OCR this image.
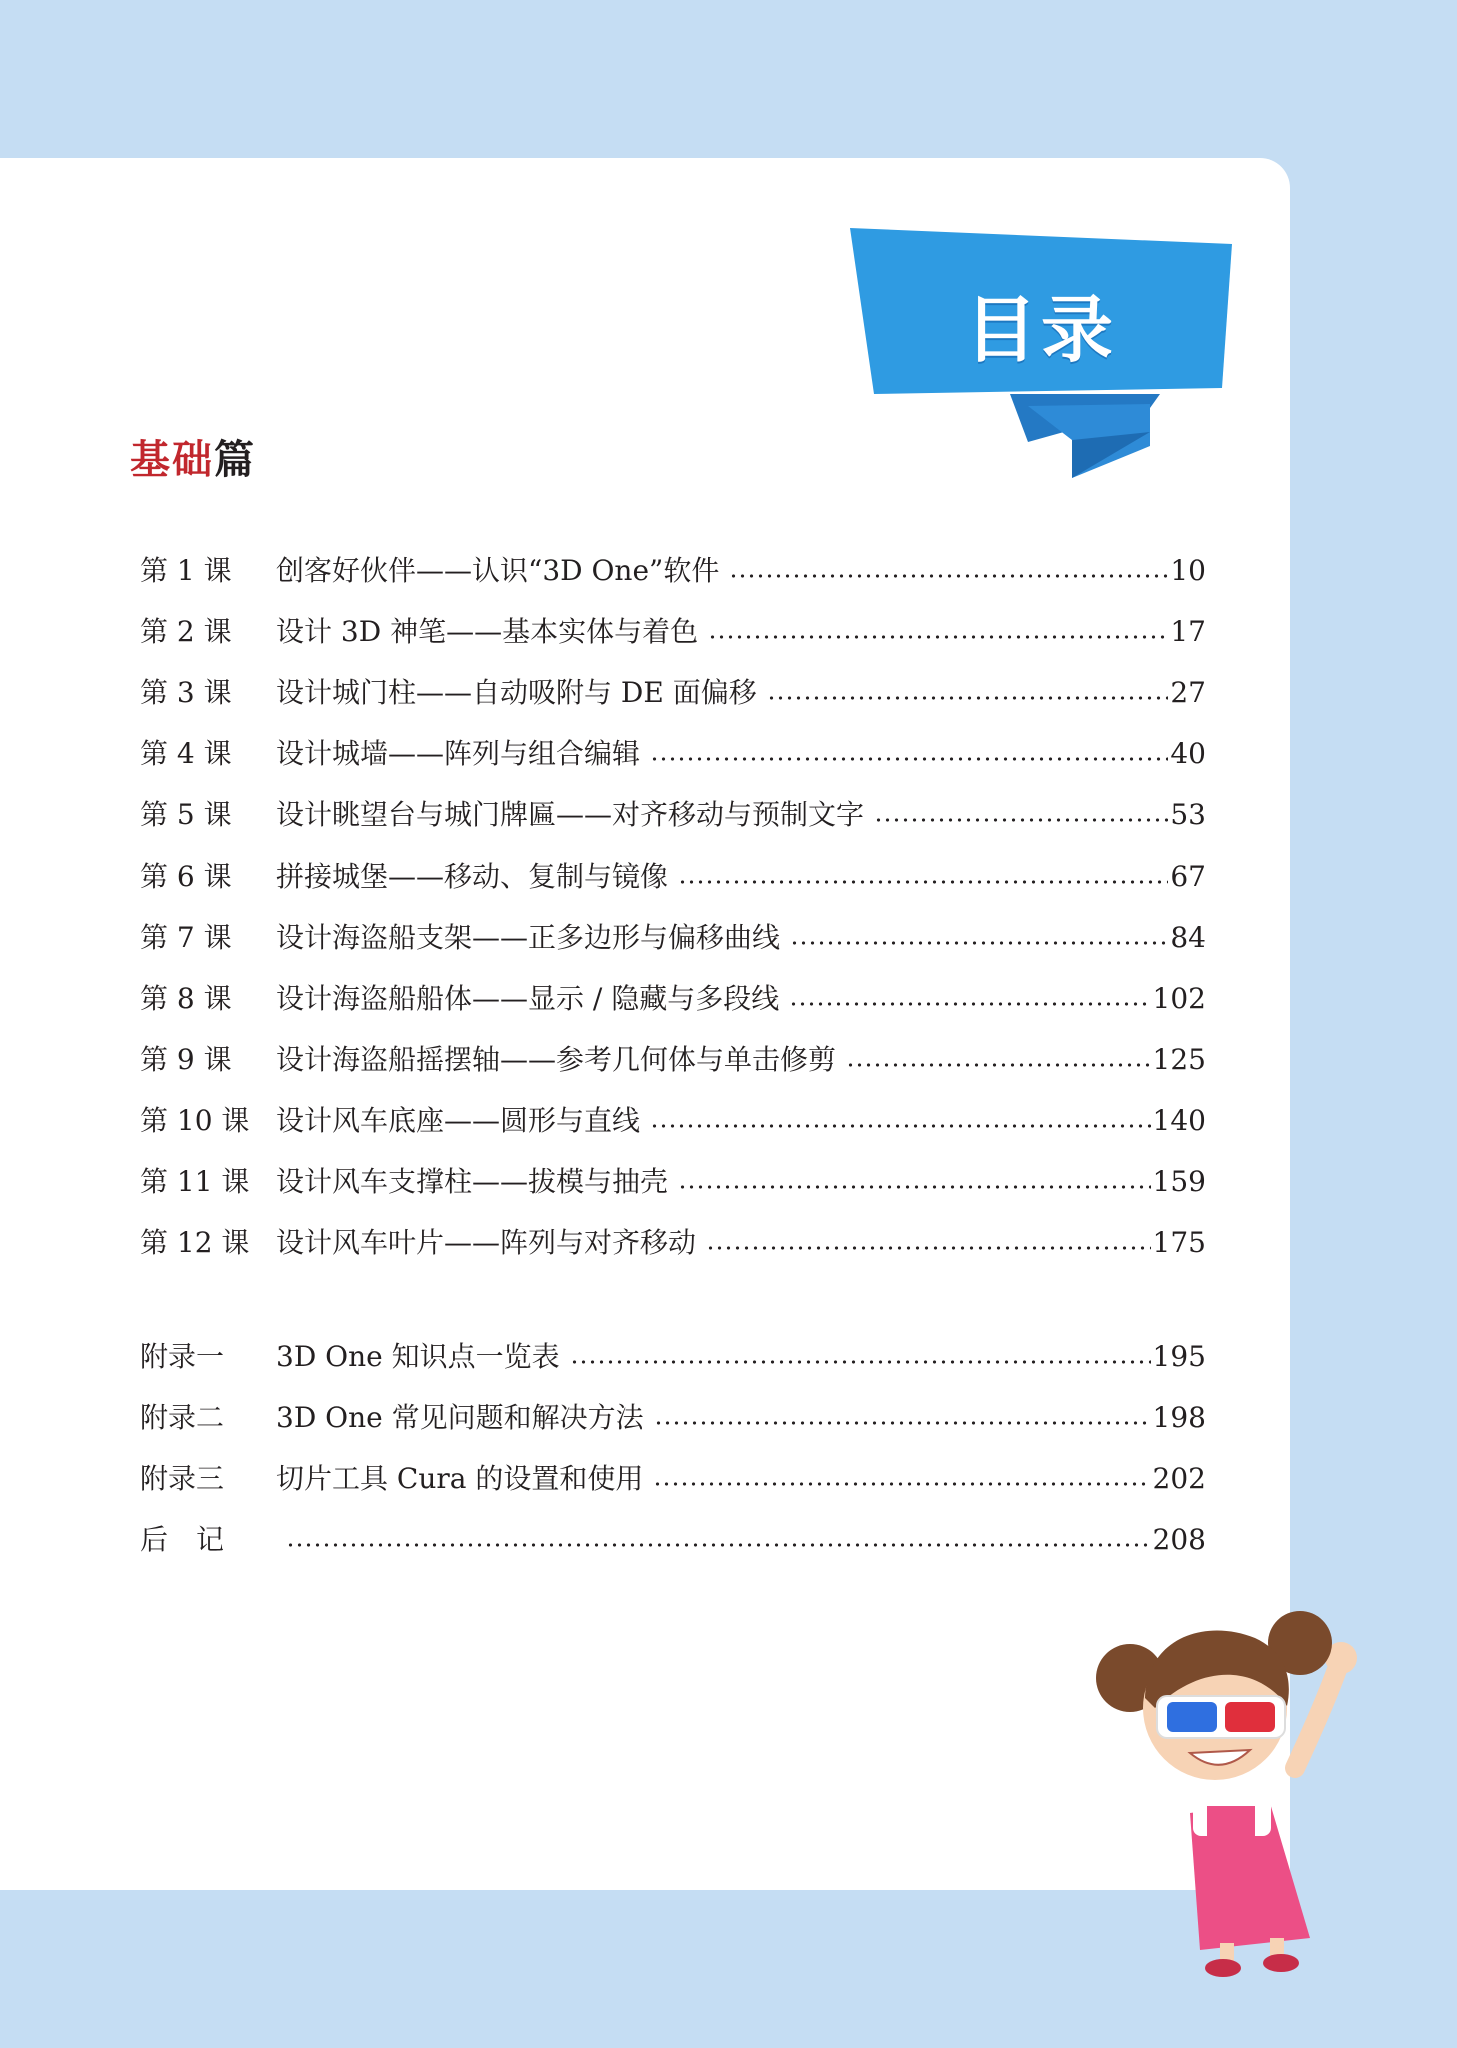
目录
基础篇
第 1 课	创客好伙伴——认识“3D One”软件	10
第 2 课	设计 3D 神笔——基本实体与着色	17
第 3 课	设计城门柱——自动吸附与 DE 面偏移	27
第 4 课	设计城墙——阵列与组合编辑	40
第 5 课	设计眺望台与城门牌匾——对齐移动与预制文字	53
第 6 课	拼接城堡——移动、复制与镜像	67
第 7 课	设计海盗船支架——正多边形与偏移曲线	84
第 8 课	设计海盗船船体——显示 / 隐藏与多段线	102
第 9 课	设计海盗船摇摆轴——参考几何体与单击修剪	125
第 10 课 设计风车底座——圆形与直线	140
第 11 课 设计风车支撑柱——拔模与抽壳	159
第 12 课 设计风车叶片——阵列与对齐移动	175
附录一	3D One 知识点一览表	195
附录二	3D One 常见问题和解决方法	198
附录三	切片工具 Cura 的设置和使用	202
后　记	208
